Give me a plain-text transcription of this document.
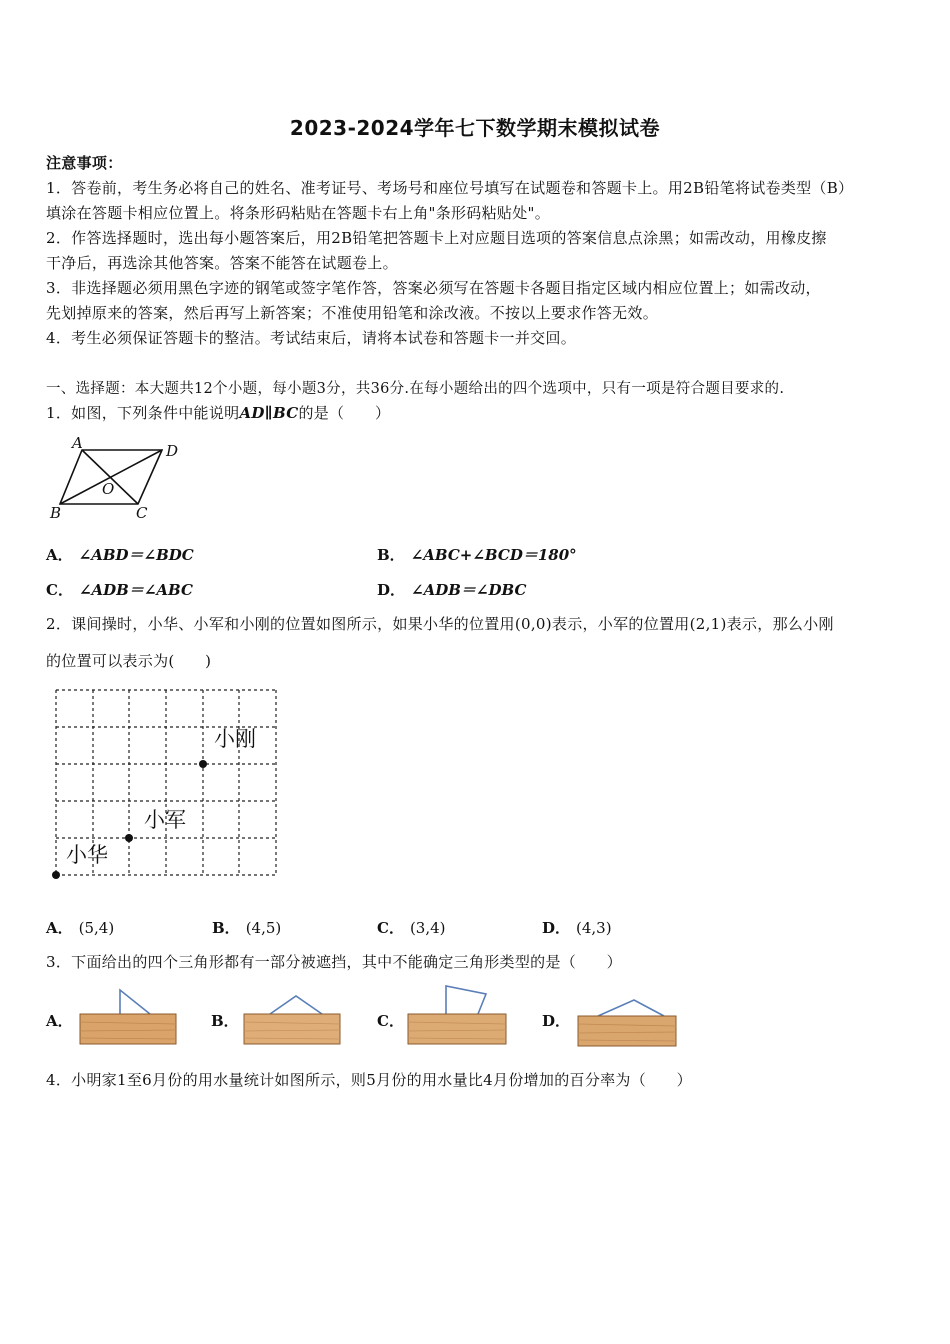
2023-2024学年七下数学期末模拟试卷
注意事项：
1．答卷前，考生务必将自己的姓名、准考证号、考场号和座位号填写在试题卷和答题卡上。用2B铅笔将试卷类型（B）
填涂在答题卡相应位置上。将条形码粘贴在答题卡右上角"条形码粘贴处"。
2．作答选择题时，选出每小题答案后，用2B铅笔把答题卡上对应题目选项的答案信息点涂黑；如需改动，用橡皮擦
干净后，再选涂其他答案。答案不能答在试题卷上。
3．非选择题必须用黑色字迹的钢笔或签字笔作答，答案必须写在答题卡各题目指定区域内相应位置上；如需改动，
先划掉原来的答案，然后再写上新答案；不准使用铅笔和涂改液。不按以上要求作答无效。
4．考生必须保证答题卡的整洁。考试结束后，请将本试卷和答题卡一并交回。
一、选择题：本大题共12个小题，每小题3分，共36分.在每小题给出的四个选项中，只有一项是符合题目要求的.
1．如图，下列条件中能说明AD∥BC的是（　　）
A	D
O
B	C
A． ∠ABD＝∠BDC	B． ∠ABC+∠BCD＝180°
C． ∠ADB＝∠ABC	D． ∠ADB＝∠DBC
2．课间操时，小华、小军和小刚的位置如图所示，如果小华的位置用(0,0)表示，小军的位置用(2,1)表示，那么小刚
的位置可以表示为(　　)
小刚
小军
小华
A． (5,4)	B． (4,5)	C． (3,4)	D． (4,3)
3．下面给出的四个三角形都有一部分被遮挡，其中不能确定三角形类型的是（　　）
A．	B．	C．	D．
4．小明家1至6月份的用水量统计如图所示，则5月份的用水量比4月份增加的百分率为（　　）
